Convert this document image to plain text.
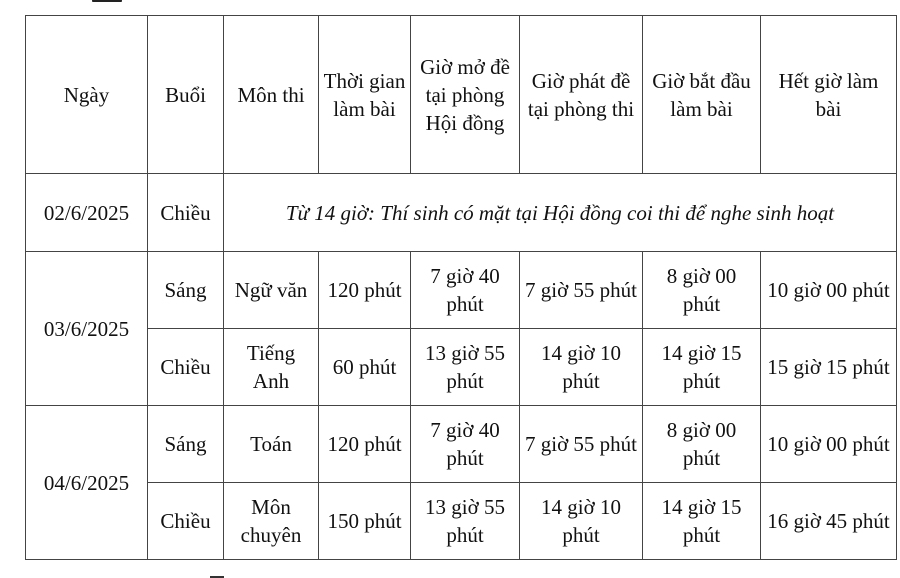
Ngày	Buổi	Môn thi	Thời gian làm bài	Giờ mở đề tại phòng Hội đồng	Giờ phát đề tại phòng thi	Giờ bắt đầu làm bài	Hết giờ làm bài
02/6/2025	Chiều	Từ 14 giờ: Thí sinh có mặt tại Hội đồng coi thi để nghe sinh hoạt					
03/6/2025	Sáng	Ngữ văn	120 phút	7 giờ 40 phút	7 giờ 55 phút	8 giờ 00 phút	10 giờ 00 phút
	Chiều	Tiếng Anh	60 phút	13 giờ 55 phút	14 giờ 10 phút	14 giờ 15 phút	15 giờ 15 phút
04/6/2025	Sáng	Toán	120 phút	7 giờ 40 phút	7 giờ 55 phút	8 giờ 00 phút	10 giờ 00 phút
	Chiều	Môn chuyên	150 phút	13 giờ 55 phút	14 giờ 10 phút	14 giờ 15 phút	16 giờ 45 phút
